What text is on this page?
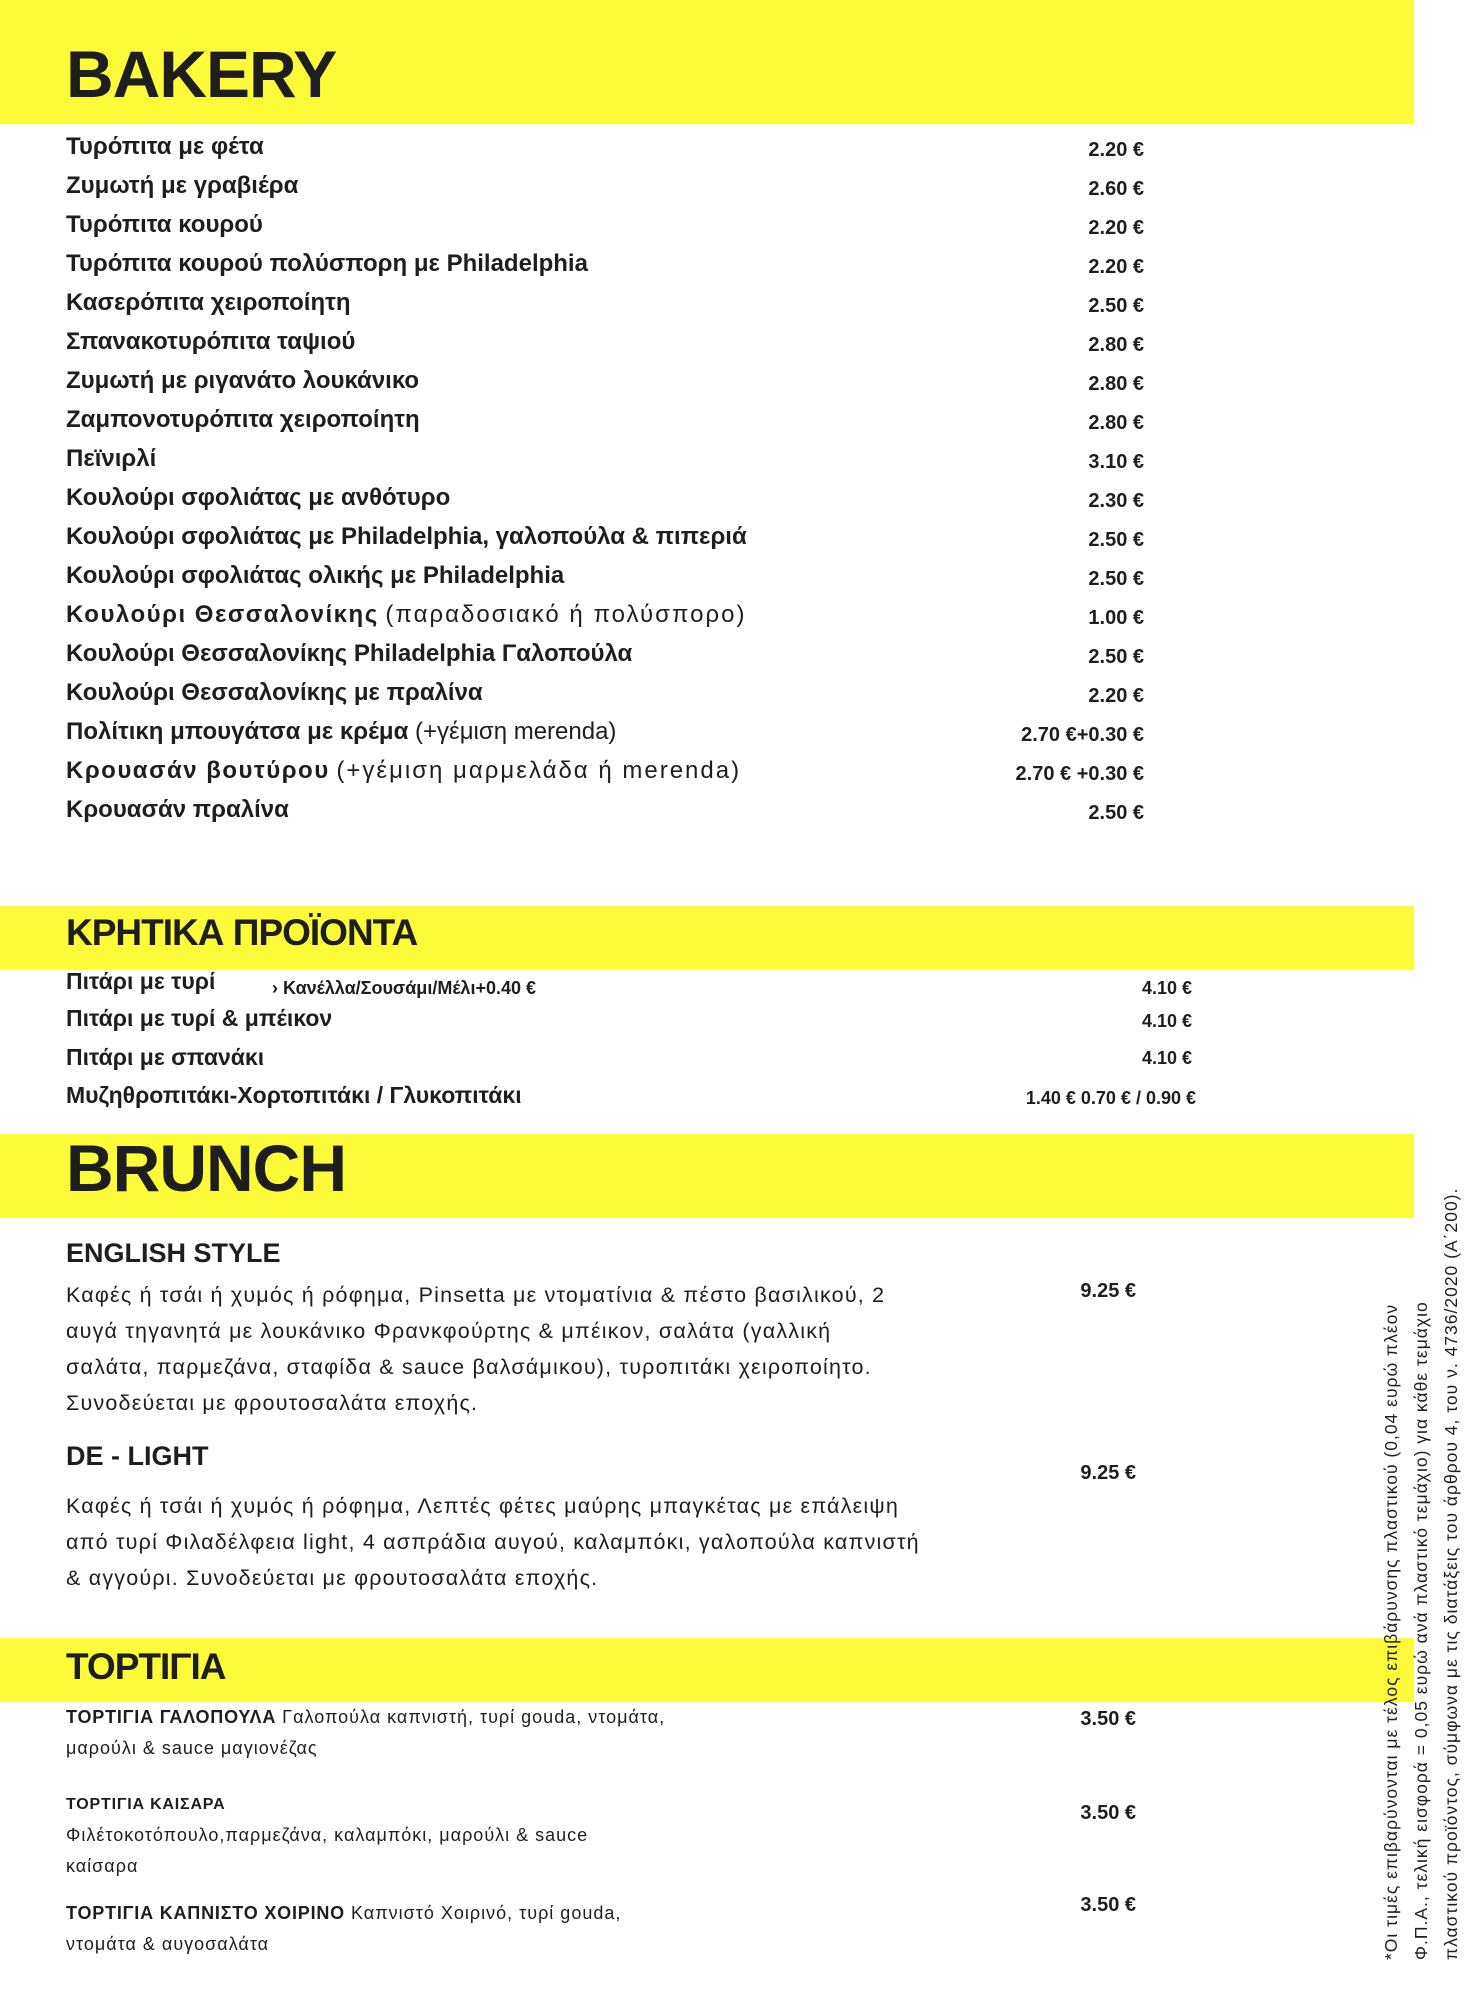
BAKERY
Τυρόπιτα με φέτα	2.20 €
Ζυμωτή με γραβιέρα	2.60 €
Τυρόπιτα κουρού	2.20 €
Τυρόπιτα κουρού πολύσπορη με Philadelphia	2.20 €
Κασερόπιτα χειροποίητη	2.50 €
Σπανακοτυρόπιτα ταψιού	2.80 €
Ζυμωτή με ριγανάτο λουκάνικο	2.80 €
Ζαμπονοτυρόπιτα χειροποίητη	2.80 €
Πεϊνιρλί	3.10 €
Κουλούρι σφολιάτας με ανθότυρο	2.30 €
Κουλούρι σφολιάτας με Philadelphia, γαλοπούλα & πιπεριά	2.50 €
Κουλούρι σφολιάτας ολικής με Philadelphia	2.50 €
Κουλούρι Θεσσαλονίκης (παραδοσιακό ή πολύσπορο)	1.00 €
Κουλούρι Θεσσαλονίκης Philadelphia Γαλοπούλα	2.50 €
Κουλούρι Θεσσαλονίκης με πραλίνα	2.20 €
Πολίτικη μπουγάτσα με κρέμα (+γέμιση merenda)	2.70 €+0.30 €
Κρουασάν βουτύρου (+γέμιση μαρμελάδα ή merenda)	2.70 € +0.30 €
Κρουασάν πραλίνα	2.50 €
ΚΡΗΤΙΚΑ ΠΡΟΪΟΝΤΑ
Πιτάρι με τυρί	› Κανέλλα/Σουσάμι/Μέλι+0.40 €	4.10 €
Πιτάρι με τυρί & μπέικον	4.10 €
Πιτάρι με σπανάκι	4.10 €
Μυζηθροπιτάκι-Χορτοπιτάκι / Γλυκοπιτάκι	1.40 € 0.70 € / 0.90 €
BRUNCH
ENGLISH STYLE
9.25 €
Καφές ή τσάι ή χυμός ή ρόφημα, Pinsetta με ντοματίνια & πέστο βασιλικού, 2
αυγά τηγανητά με λουκάνικο Φρανκφούρτης & μπέικον, σαλάτα (γαλλική
σαλάτα, παρμεζάνα, σταφίδα & sauce βαλσάμικου), τυροπιτάκι χειροποίητο.
Συνοδεύεται με φρουτοσαλάτα εποχής.
DE - LIGHT
9.25 €
Καφές ή τσάι ή χυμός ή ρόφημα, Λεπτές φέτες μαύρης μπαγκέτας με επάλειψη
από τυρί Φιλαδέλφεια light, 4 ασπράδια αυγού, καλαμπόκι, γαλοπούλα καπνιστή
& αγγούρι. Συνοδεύεται με φρουτοσαλάτα εποχής.
ΤΟΡΤΙΓΙΑ
ΤΟΡΤΙΓΙΑ ΓΑΛΟΠΟΥΛΑ Γαλοπούλα καπνιστή, τυρί gouda, ντομάτα,
μαρούλι & sauce μαγιονέζας
3.50 €
ΤΟΡΤΙΓΙΑ ΚΑΙΣΑΡΑ
Φιλέτοκοτόπουλο,παρμεζάνα, καλαμπόκι, μαρούλι & sauce
καίσαρα
3.50 €
ΤΟΡΤΙΓΙΑ ΚΑΠΝΙΣΤΟ ΧΟΙΡΙΝΟ Καπνιστό Χοιρινό, τυρί gouda,
ντομάτα & αυγοσαλάτα
3.50 €	*Οι τιμές επιβαρύνονται με τέλος επιβάρυνσης πλαστικού (0,04 ευρώ πλέον Φ.Π.Α., τελική εισφορά = 0,05 ευρώ ανά πλαστικό τεμάχιο) για κάθε τεμάχιο πλαστικού προϊόντος, σύμφωνα με τις διατάξεις του άρθρου 4, του ν. 4736/2020 (Α΄200).
